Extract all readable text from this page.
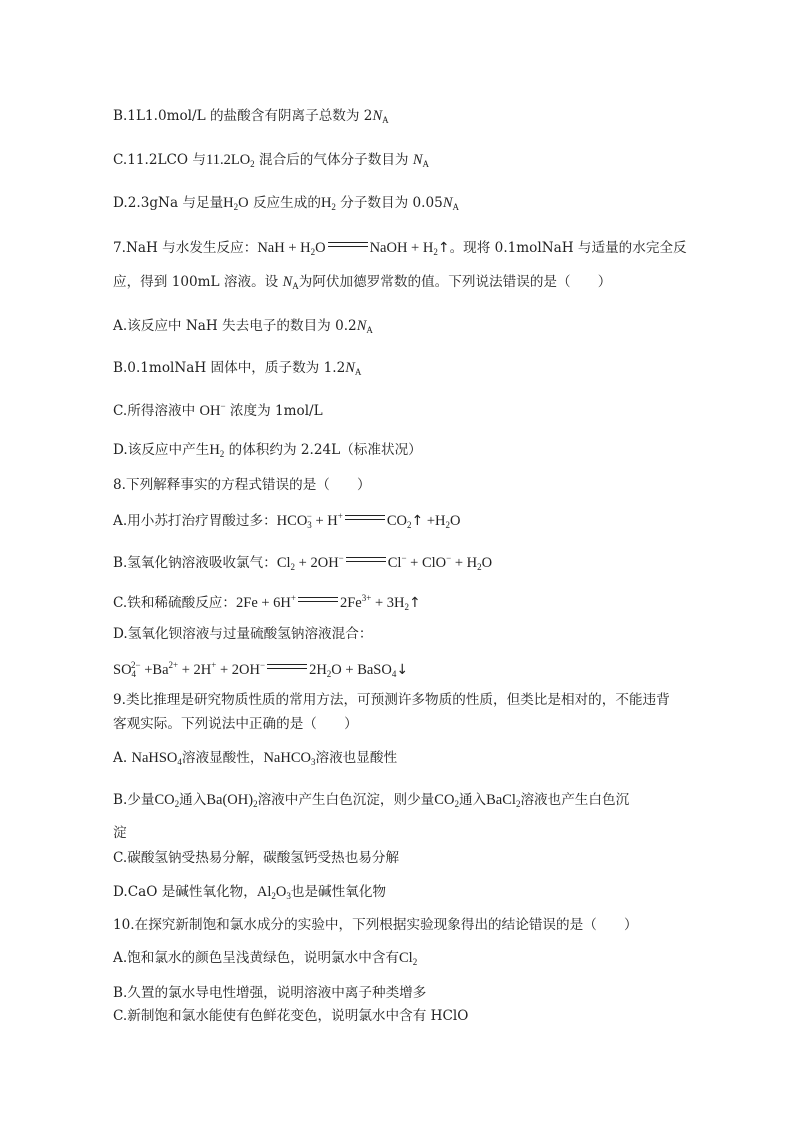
B.1L1.0mol/L 的盐酸含有阴离子总数为 $2N_A$
C.11.2LCO 与$11.2LO_2$ 混合后的气体分子数目为 $N_A$
D.2.3gNa 与足量$H_2O$ 反应生成的$H_2$ 分子数目为 $0.05N_A$
7.NaH 与水发生反应：NaH + $H_2O$	NaOH + $H_2↑$。现将 0.1molNaH 与适量的水完全反
应，得到 100mL 溶液。设 $N_A$为阿伏加德罗常数的值。下列说法错误的是（　　）
A.该反应中 NaH 失去电子的数目为 $0.2N_A$
B.0.1molNaH 固体中，质子数为 $1.2N_A$
C.所得溶液中 OH− 浓度为 1mol/L
D.该反应中产生$H_2$ 的体积约为 2.24L（标准状况）
8.下列解释事实的方程式错误的是（　　）
A.用小苏打治疗胃酸过多：$HCO_3^- + H^+$	$CO_2↑ +H_2O$
B.氢氧化钠溶液吸收氯气：$Cl_2 + 2OH^-$	$Cl^- + ClO^- + H_2O$
C.铁和稀硫酸反应：2Fe + 6H+	$2Fe^{3+}$ + $3H_2↑$
D.氢氧化钡溶液与过量硫酸氢钠溶液混合：
$SO_4^{2-} +Ba^{2+} + 2H^+ + 2OH^-$	$2H_2O$ + BaSO$_4$↓
9.类比推理是研究物质性质的常用方法，可预测许多物质的性质，但类比是相对的，不能违背
客观实际。下列说法中正确的是（　　）
A. NaHSO$_4$溶液显酸性，NaHCO$_3$溶液也显酸性
B.少量$CO_2$通入$Ba(OH)_2$溶液中产生白色沉淀，则少量$CO_2$通入BaCl$_2$溶液也产生白色沉
淀
C.碳酸氢钠受热易分解，碳酸氢钙受热也易分解
D.CaO 是碱性氧化物，$Al_2O_3$也是碱性氧化物
10.在探究新制饱和氯水成分的实验中，下列根据实验现象得出的结论错误的是（　　）
A.饱和氯水的颜色呈浅黄绿色，说明氯水中含有$Cl_2$
B.久置的氯水导电性增强，说明溶液中离子种类增多
C.新制饱和氯水能使有色鲜花变色，说明氯水中含有 HClO
